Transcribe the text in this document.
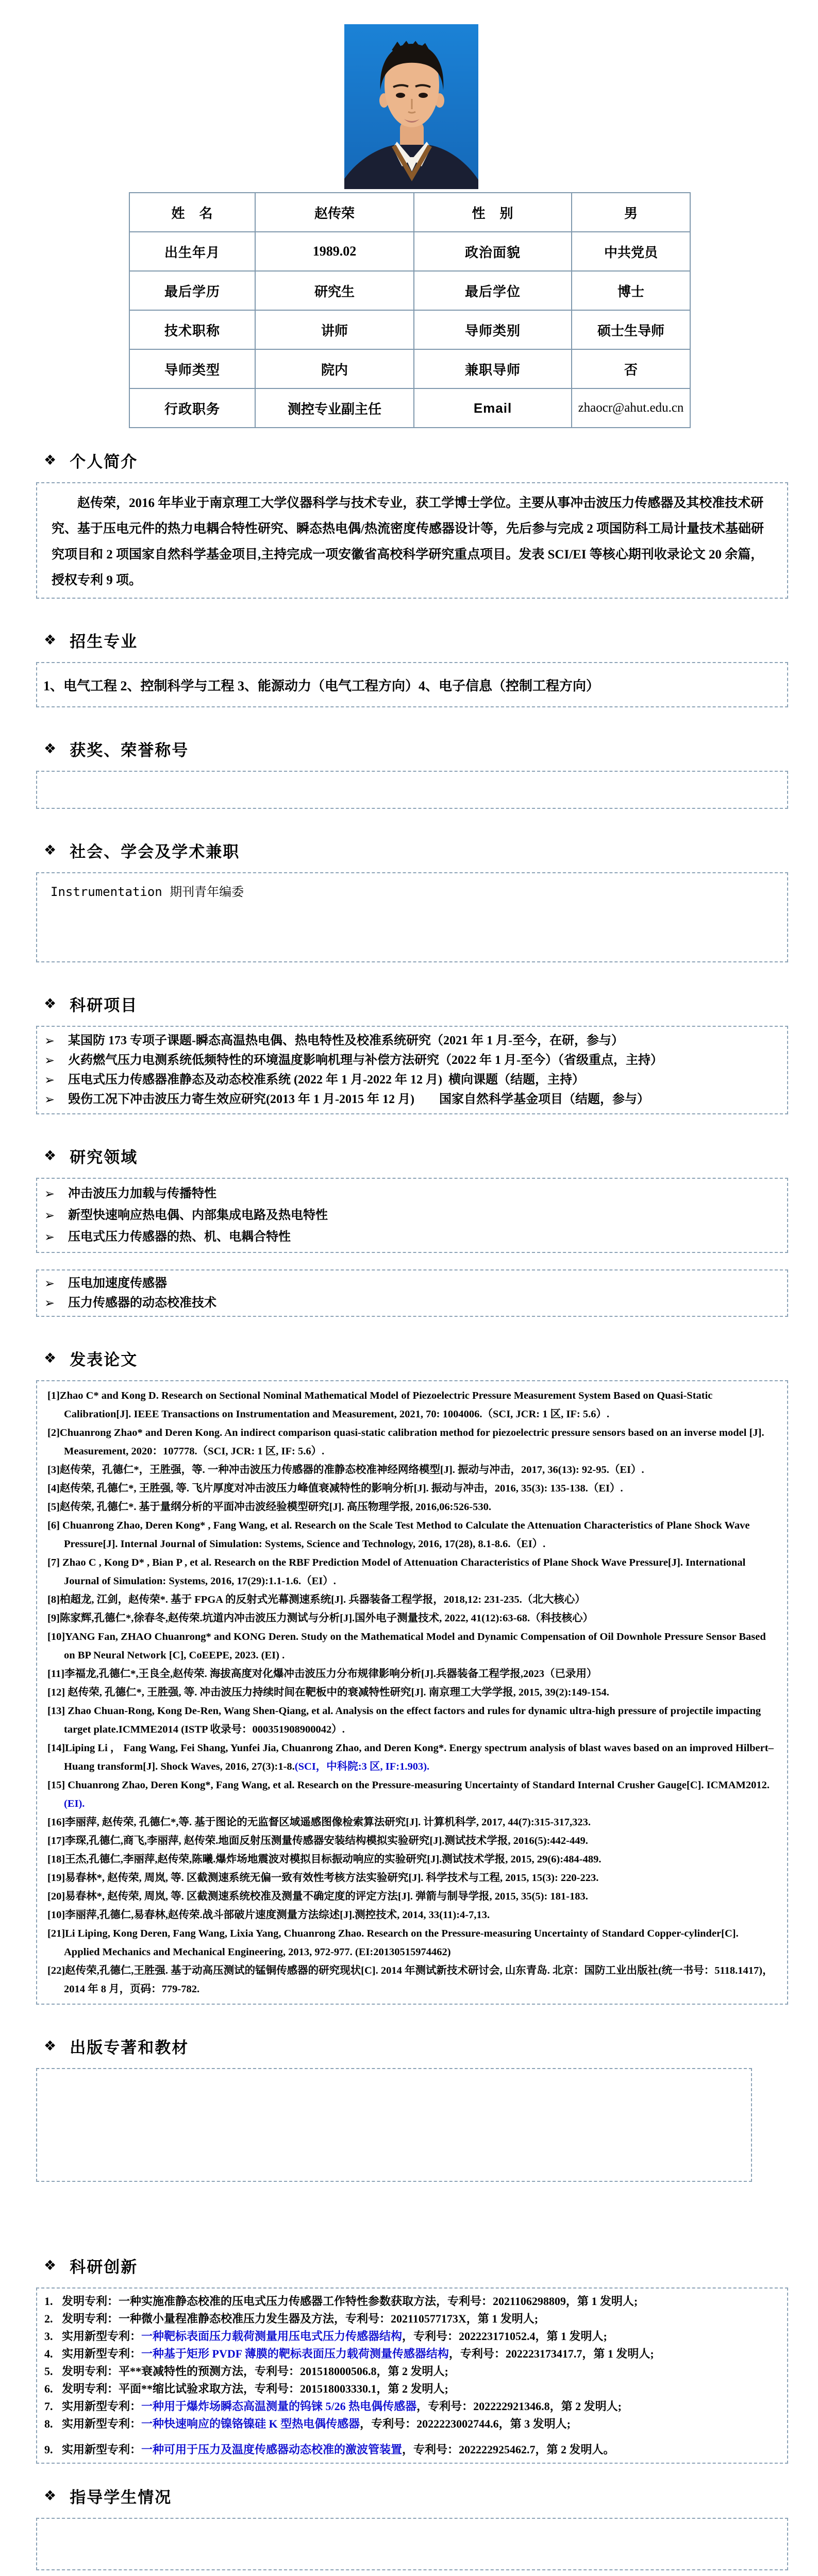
姓　名	赵传荣	性　别	男
出生年月	1989.02	政治面貌	中共党员
最后学历	研究生	最后学位	博士
技术职称	讲师	导师类别	硕士生导师
导师类型	院内	兼职导师	否
行政职务	测控专业副主任	Email	zhaocr@ahut.edu.cn
❖
个人简介

赵传荣，2016 年毕业于南京理工大学仪器科学与技术专业，获工学博士学位。主要从事冲击波压力传感器及其校准技术研究、基于压电元件的热力电耦合特性研究、瞬态热电偶/热流密度传感器设计等，先后参与完成 2 项国防科工局计量技术基础研究项目和 2 项国家自然科学基金项目,主持完成一项安徽省高校科学研究重点项目。发表 SCI/EI 等核心期刊收录论文 20 余篇，授权专利 9 项。

❖
招生专业

1、电气工程 2、控制科学与工程 3、能源动力（电气工程方向）4、电子信息（控制工程方向）

❖
获奖、荣誉称号
❖
社会、学会及学术兼职

Instrumentation 期刊青年编委

❖
科研项目
➢
某国防 173 专项子课题-瞬态高温热电偶、热电特性及校准系统研究（2021 年 1 月-至今，在研，参与）
➢
火药燃气压力电测系统低频特性的环境温度影响机理与补偿方法研究（2022 年 1 月-至今）（省级重点，主持）
➢
压电式压力传感器准静态及动态校准系统 (2022 年 1 月-2022 年 12 月)  横向课题（结题，主持）
➢
毁伤工况下冲击波压力寄生效应研究(2013 年 1 月-2015 年 12 月)        国家自然科学基金项目（结题，参与）
❖
研究领域
➢
冲击波压力加载与传播特性
➢
新型快速响应热电偶、内部集成电路及热电特性
➢
压电式压力传感器的热、机、电耦合特性
➢
压电加速度传感器
➢
压力传感器的动态校准技术
❖
发表论文
[1]Zhao C* and Kong D. Research on Sectional Nominal Mathematical Model of Piezoelectric Pressure Measurement System Based on Quasi-Static Calibration[J]. IEEE Transactions on Instrumentation and Measurement, 2021, 70: 1004006.（SCI, JCR: 1 区, IF: 5.6）.
[2]Chuanrong Zhao* and Deren Kong. An indirect comparison quasi-static calibration method for piezoelectric pressure sensors based on an inverse model [J]. Measurement, 2020：107778.（SCI, JCR: 1 区, IF: 5.6）.
[3]赵传荣，孔德仁*，王胜强，等. 一种冲击波压力传感器的准静态校准神经网络模型[J]. 振动与冲击，2017, 36(13): 92-95.（EI）.
[4]赵传荣, 孔德仁*, 王胜强, 等. 飞片厚度对冲击波压力峰值衰减特性的影响分析[J]. 振动与冲击，2016, 35(3): 135-138.（EI）.
[5]赵传荣, 孔德仁*. 基于量纲分析的平面冲击波经验模型研究[J]. 高压物理学报, 2016,06:526-530.
[6] Chuanrong Zhao, Deren Kong* , Fang Wang, et al. Research on the Scale Test Method to Calculate the Attenuation Characteristics of Plane Shock Wave Pressure[J]. Internal Journal of Simulation: Systems, Science and Technology, 2016, 17(28), 8.1-8.6.（EI）.
[7] Zhao C , Kong D* , Bian P , et al. Research on the RBF Prediction Model of Attenuation Characteristics of Plane Shock Wave Pressure[J]. International Journal of Simulation: Systems, 2016, 17(29):1.1-1.6.（EI）.
[8]柏超龙, 江剑，赵传荣*. 基于 FPGA 的反射式光幕测速系统[J]. 兵器装备工程学报，2018,12: 231-235.（北大核心）
[9]陈家辉,孔德仁*,徐春冬,赵传荣.坑道内冲击波压力测试与分析[J].国外电子测量技术, 2022, 41(12):63-68.（科技核心）
[10]YANG Fan, ZHAO Chuanrong* and KONG Deren. Study on the Mathematical Model and Dynamic Compensation of Oil Downhole Pressure Sensor Based on BP Neural Network [C], CoEEPE, 2023. (EI) .
[11]李福龙,孔德仁*,王良全,赵传荣. 海拔高度对化爆冲击波压力分布规律影响分析[J].兵器装备工程学报,2023（已录用）
[12] 赵传荣, 孔德仁*, 王胜强, 等. 冲击波压力持续时间在靶板中的衰减特性研究[J]. 南京理工大学学报, 2015, 39(2):149-154.
[13] Zhao Chuan-Rong, Kong De-Ren, Wang Shen-Qiang, et al. Analysis on the effect factors and rules for dynamic ultra-high pressure of projectile impacting target plate.ICMME2014 (ISTP 收录号：000351908900042）.
[14]Liping Li ， Fang Wang, Fei Shang, Yunfei Jia, Chuanrong Zhao, and Deren Kong*. Energy spectrum analysis of blast waves based on an improved Hilbert–Huang transform[J]. Shock Waves, 2016, 27(3):1-8.(SCI，中科院:3 区, IF:1.903).
[15] Chuanrong Zhao, Deren Kong*, Fang Wang, et al. Research on the Pressure-measuring Uncertainty of Standard Internal Crusher Gauge[C]. ICMAM2012.(EI).
[16]李丽萍, 赵传荣, 孔德仁*,等. 基于图论的无监督区域遥感图像检索算法研究[J]. 计算机科学, 2017, 44(7):315-317,323.
[17]李琛,孔德仁,商飞,李丽萍, 赵传荣.地面反射压测量传感器安装结构模拟实验研究[J].测试技术学报, 2016(5):442-449.
[18]王杰,孔德仁,李丽萍,赵传荣,陈曦.爆炸场地震波对模拟目标振动响应的实验研究[J].测试技术学报, 2015, 29(6):484-489.
[19]易春林*, 赵传荣, 周岚, 等. 区截测速系统无偏一致有效性考核方法实验研究[J]. 科学技术与工程, 2015, 15(3): 220-223.
[20]易春林*, 赵传荣, 周岚, 等. 区截测速系统校准及测量不确定度的评定方法[J]. 弹箭与制导学报, 2015, 35(5): 181-183.
[10]李丽萍,孔德仁,易春林,赵传荣.战斗部破片速度测量方法综述[J].测控技术, 2014, 33(11):4-7,13.
[21]Li Liping, Kong Deren, Fang Wang, Lixia Yang, Chuanrong Zhao. Research on the Pressure-measuring Uncertainty of Standard Copper-cylinder[C]. Applied Mechanics and Mechanical Engineering, 2013, 972-977. (EI:20130515974462)
[22]赵传荣,孔德仁,王胜强. 基于动高压测试的锰铜传感器的研究现状[C]. 2014 年测试新技术研讨会, 山东青岛. 北京：国防工业出版社(统一书号：5118.1417)，2014 年 8 月，页码：779-782.
❖
出版专著和教材
❖
科研创新
1. 发明专利：一种实施准静态校准的压电式压力传感器工作特性参数获取方法，专利号：2021106298809，第 1 发明人;
2. 发明专利：一种微小量程准静态校准压力发生器及方法，专利号：202110577173X，第 1 发明人;
3. 实用新型专利：一种靶标表面压力载荷测量用压电式压力传感器结构，专利号：202223171052.4，第 1 发明人;
4. 实用新型专利：一种基于矩形 PVDF 薄膜的靶标表面压力载荷测量传感器结构，专利号：202223173417.7，第 1 发明人;
5. 发明专利：平**衰减特性的预测方法，专利号：201518000506.8，第 2 发明人;
6. 发明专利：平面**缩比试验求取方法，专利号：201518003330.1，第 2 发明人;
7. 实用新型专利：一种用于爆炸场瞬态高温测量的钨铼 5/26 热电偶传感器，专利号：202222921346.8，第 2 发明人;
8. 实用新型专利：一种快速响应的镍铬镍硅 K 型热电偶传感器，专利号：2022223002744.6，第 3 发明人;
9. 实用新型专利：一种可用于压力及温度传感器动态校准的激波管装置，专利号：202222925462.7，第 2 发明人。
❖
指导学生情况
